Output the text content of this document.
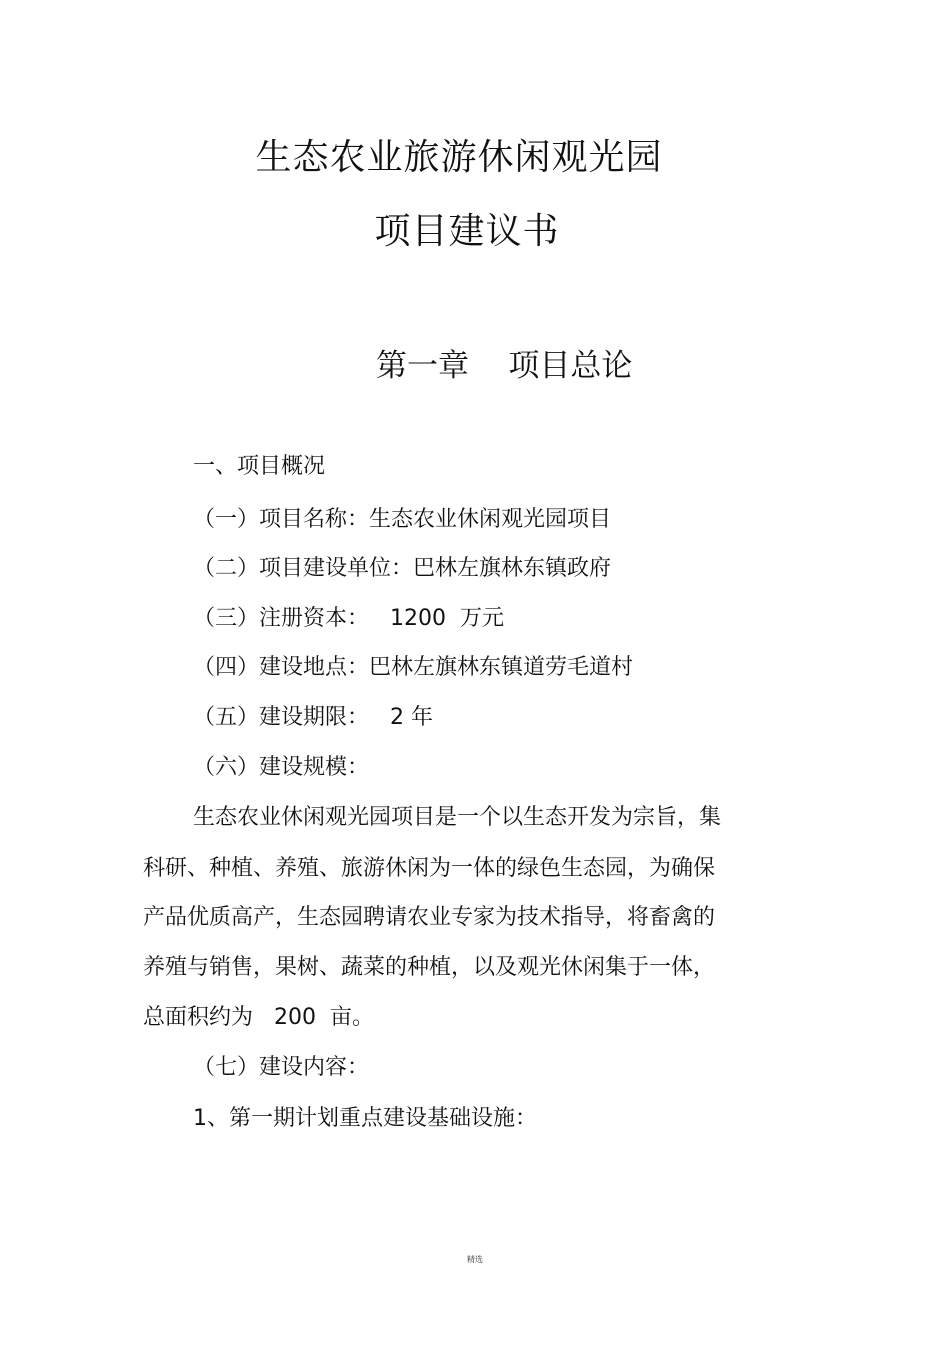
生态农业旅游休闲观光园
项目建议书
第一章    项目总论
一、项目概况
（一）项目名称：生态农业休闲观光园项目
（二）项目建设单位：巴林左旗林东镇政府
（三）注册资本：   1200  万元
（四）建设地点：巴林左旗林东镇道劳毛道村
（五）建设期限：   2 年
（六）建设规模：
生态农业休闲观光园项目是一个以生态开发为宗旨，集
科研、种植、养殖、旅游休闲为一体的绿色生态园，为确保
产品优质高产，生态园聘请农业专家为技术指导，将畜禽的
养殖与销售，果树、蔬菜的种植，以及观光休闲集于一体，
总面积约为   200  亩。
（七）建设内容：
1、第一期计划重点建设基础设施：
精选
